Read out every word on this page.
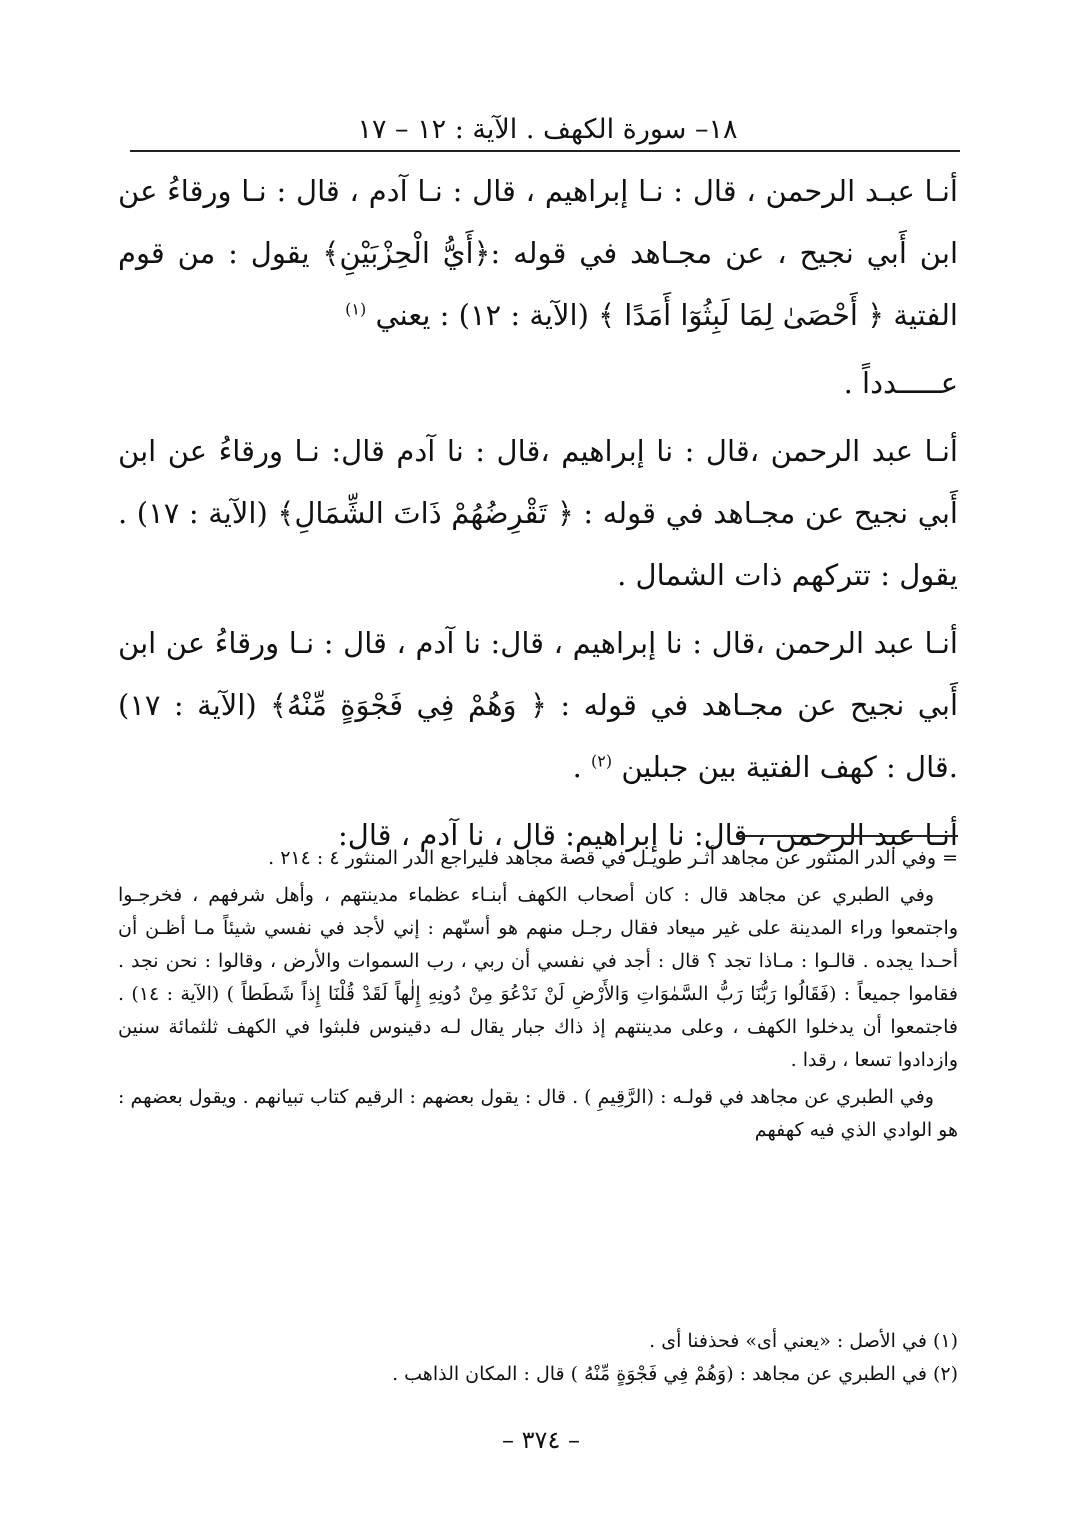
١٨– سورة الكهف . الآية : ١٢ – ١٧

أنـا عبـد الرحمن ، قال : نـا إبراهيم ، قال : نـا آدم ، قال : نـا ورقاءُ عن ابن أَبي نجيح ، عن مجـاهد في قوله :﴿أَيُّ الْحِزْبَيْنِ﴾ يقول : من قوم الفتية ﴿ أَحْصَىٰ لِمَا لَبِثُوٓا أَمَدًا ﴾ (الآية : ١٢) : يعني $^{(١)}$

عـــــدداً .

أنـا عبد الرحمن ،قال : نا إبراهيم ،قال : نا آدم قال: نـا ورقاءُ عن ابن أَبي نجيح عن مجـاهد في قوله : ﴿ تَقْرِضُهُمْ ذَاتَ الشِّمَالِ﴾ (الآية : ١٧) . يقول : تتركهم ذات الشمال .

أنـا عبد الرحمن ،قال : نا إبراهيم ، قال: نا آدم ، قال : نـا ورقاءُ عن ابن أَبي نجيح عن مجـاهد في قوله : ﴿ وَهُمْ فِي فَجْوَةٍ مِّنْهُ﴾ (الآية : ١٧) .قال : كهف الفتية بين جبلين $^{(٢)}$ .

أنـا عبد الرحمن ، قال: نا إبراهيم: قال ، نا آدم ، قال:

= وفي الدر المنثور عن مجاهد أثـر طويـل في قصة مجاهد فليراجع الدر المنثور ٤ : ٢١٤ .

وفي الطبري عن مجاهد قال : كان أصحاب الكهف أبنـاء عظماء مدينتهم ، وأهل شرفهم ، فخرجـوا واجتمعوا وراء المدينة على غير ميعاد فقال رجـل منهم هو أسنّهم : إني لأجد في نفسي شيئاً مـا أظـن أن أحـدا يجده . قالـوا : مـاذا تجد ؟ قال : أجد في نفسي أن ربي ، رب السموات والأرض ، وقالوا : نحن نجد . فقاموا جميعاً : (فَقَالُوا رَبُّنَا رَبُّ السَّمٰوَاتِ وَالأَرْضِ لَنْ نَدْعُوَ مِنْ دُونِهِ إِلٰهاً لَقَدْ قُلْنَا إِذاً شَطَطاً ) (الآية : ١٤) . فاجتمعوا أن يدخلوا الكهف ، وعلى مدينتهم إذ ذاك جبار يقال لـه دقينوس فلبثوا في الكهف ثلثمائة سنين وازدادوا تسعا ، رقدا .

وفي الطبري عن مجاهد في قولـه : (الرَّقِيمِ ) . قال : يقول بعضهم : الرقيم كتاب تبيانهم . ويقول بعضهم : هو الوادي الذي فيه كهفهم

(١) في الأصل : «يعني أى» فحذفنا أى .

(٢) في الطبري عن مجاهد : (وَهُمْ فِي فَجْوَةٍ مِّنْهُ ) قال : المكان الذاهب .

– ٣٧٤ –
